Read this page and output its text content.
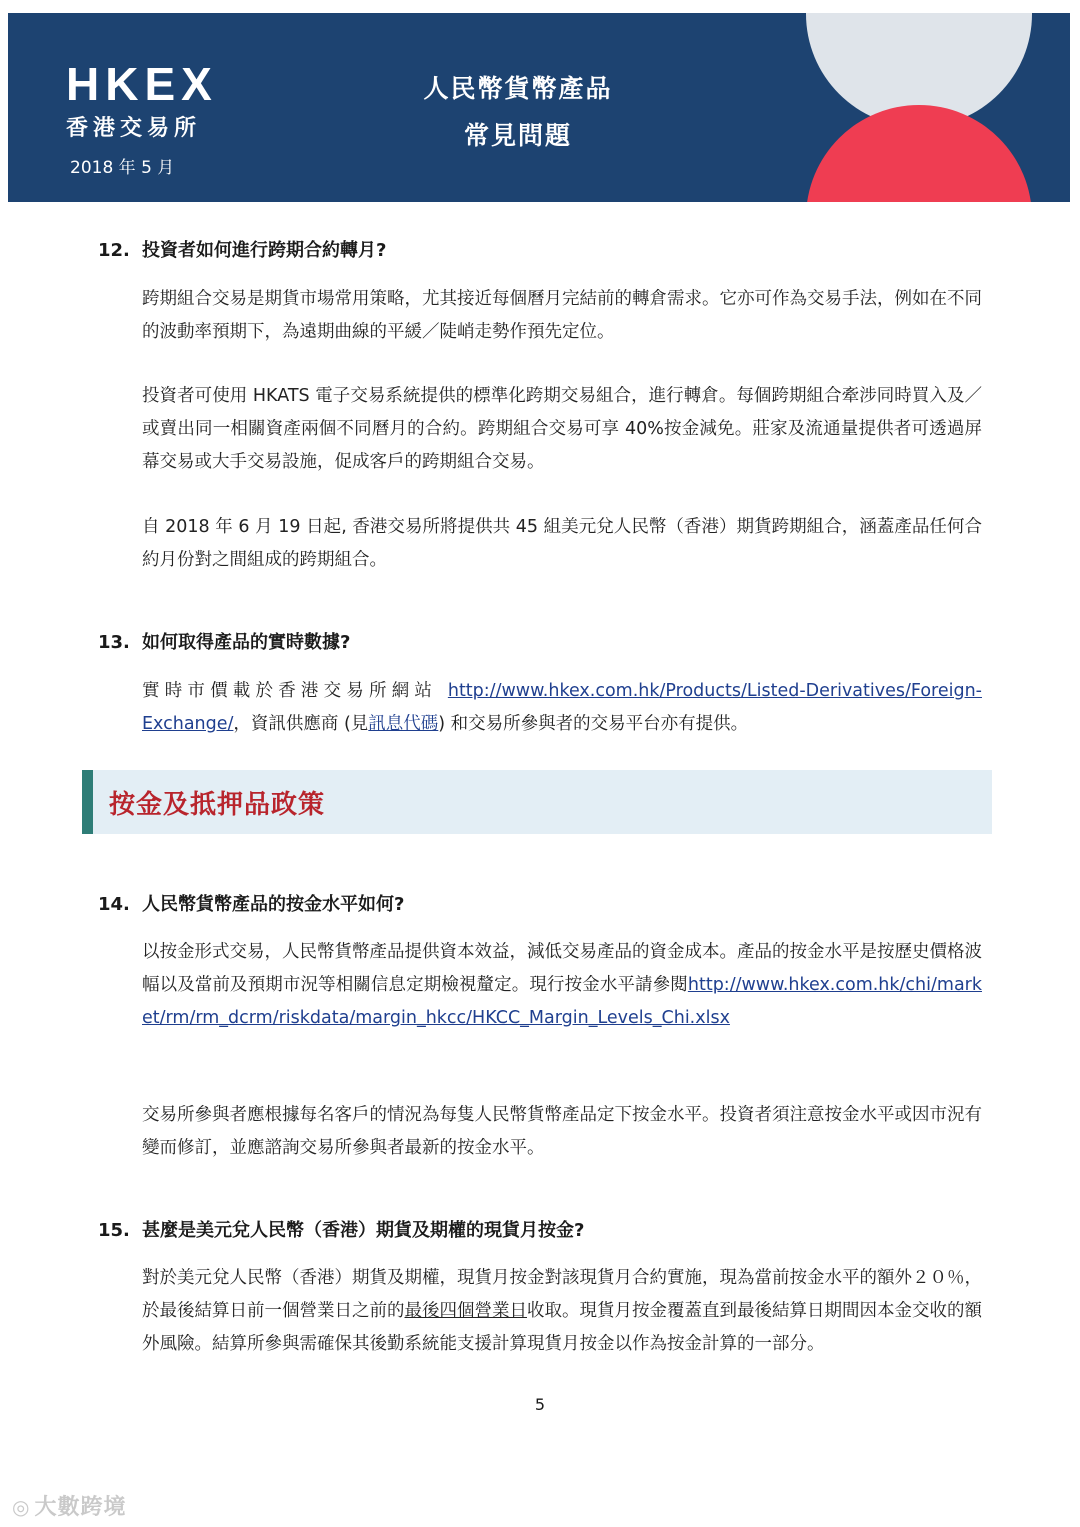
HKEX
香港交易所
2018 年 5 月
人民幣貨幣產品
常見問題
12. 投資者如何進行跨期合約轉月?

跨期組合交易是期貨市場常用策略，尤其接近每個曆月完結前的轉倉需求。它亦可作為交易手法，例如在不同的波動率預期下，為遠期曲線的平緩／陡峭走勢作預先定位。

投資者可使用 HKATS 電子交易系統提供的標準化跨期交易組合，進行轉倉。每個跨期組合牽涉同時買入及／或賣出同一相關資產兩個不同曆月的合約。跨期組合交易可享 40%按金減免。莊家及流通量提供者可透過屏幕交易或大手交易設施，促成客戶的跨期組合交易。

自 2018 年 6 月 19 日起, 香港交易所將提供共 45 組美元兌人民幣（香港）期貨跨期組合，涵蓋產品任何合約月份對之間組成的跨期組合。

13. 如何取得產品的實時數據?

實時市價載於香港交易所網站 http://www.hkex.com.hk/Products/Listed-Derivatives/Foreign-Exchange/，資訊供應商 (見訊息代碼) 和交易所參與者的交易平台亦有提供。

按金及抵押品政策
14. 人民幣貨幣產品的按金水平如何?

以按金形式交易，人民幣貨幣產品提供資本效益，減低交易產品的資金成本。產品的按金水平是按歷史價格波幅以及當前及預期市況等相關信息定期檢視釐定。現行按金水平請參閱http://www.hkex.com.hk/chi/market/rm/rm_dcrm/riskdata/margin_hkcc/HKCC_Margin_Levels_Chi.xlsx

交易所參與者應根據每名客戶的情況為每隻人民幣貨幣產品定下按金水平。投資者須注意按金水平或因市況有變而修訂，並應諮詢交易所參與者最新的按金水平。

15. 甚麼是美元兌人民幣（香港）期貨及期權的現貨月按金?

對於美元兌人民幣（香港）期貨及期權，現貨月按金對該現貨月合約實施，現為當前按金水平的額外２０％，於最後結算日前一個營業日之前的最後四個營業日收取。現貨月按金覆蓋直到最後結算日期間因本金交收的額外風險。結算所參與需確保其後勤系統能支援計算現貨月按金以作為按金計算的一部分。

5
◎ 大數跨境
